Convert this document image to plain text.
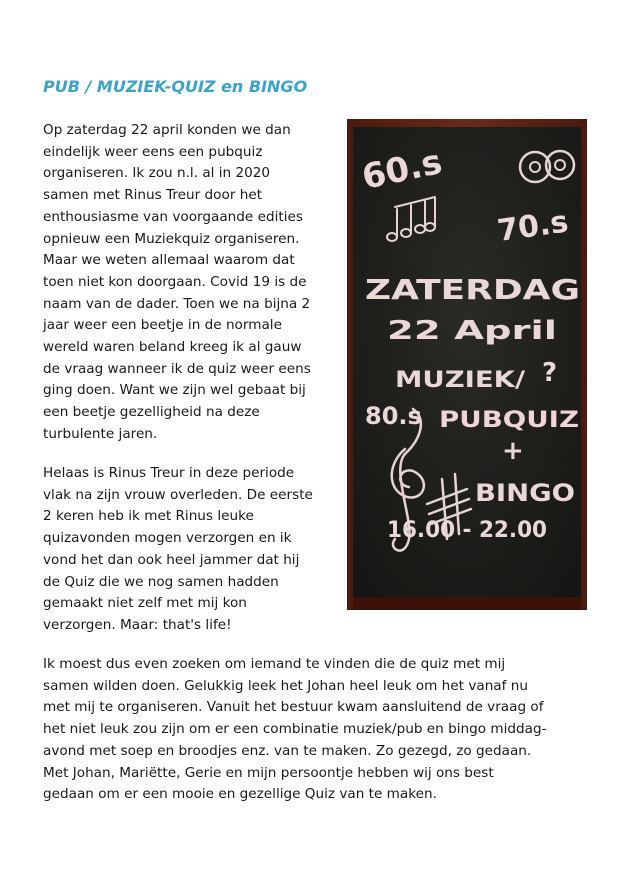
PUB / MUZIEK-QUIZ en BINGO
Op zaterdag 22 april konden we dan
eindelijk weer eens een pubquiz
organiseren. Ik zou n.l. al in 2020
samen met Rinus Treur door het
enthousiasme van voorgaande edities
opnieuw een Muziekquiz organiseren.
Maar we weten allemaal waarom dat
toen niet kon doorgaan. Covid 19 is de
naam van de dader. Toen we na bijna 2
jaar weer een beetje in de normale
wereld waren beland kreeg ik al gauw
de vraag wanneer ik de quiz weer eens
ging doen. Want we zijn wel gebaat bij
een beetje gezelligheid na deze
turbulente jaren.
Helaas is Rinus Treur in deze periode
vlak na zijn vrouw overleden. De eerste
2 keren heb ik met Rinus leuke
quizavonden mogen verzorgen en ik
vond het dan ook heel jammer dat hij
de Quiz die we nog samen hadden
gemaakt niet zelf met mij kon
verzorgen. Maar: that's life!
Ik moest dus even zoeken om iemand te vinden die de quiz met mij
samen wilden doen. Gelukkig leek het Johan heel leuk om het vanaf nu
met mij te organiseren. Vanuit het bestuur kwam aansluitend de vraag of
het niet leuk zou zijn om er een combinatie muziek/pub en bingo middag-
avond met soep en broodjes enz. van te maken. Zo gezegd, zo gedaan.
Met Johan, Mariëtte, Gerie en mijn persoontje hebben wij ons best
gedaan om er een mooie en gezellige Quiz van te maken.
60.s
70.s
ZATERDAG
22 April
MUZIEK/ ?
80.s PUBQUIZ
+
BINGO
16.00 - 22.00
